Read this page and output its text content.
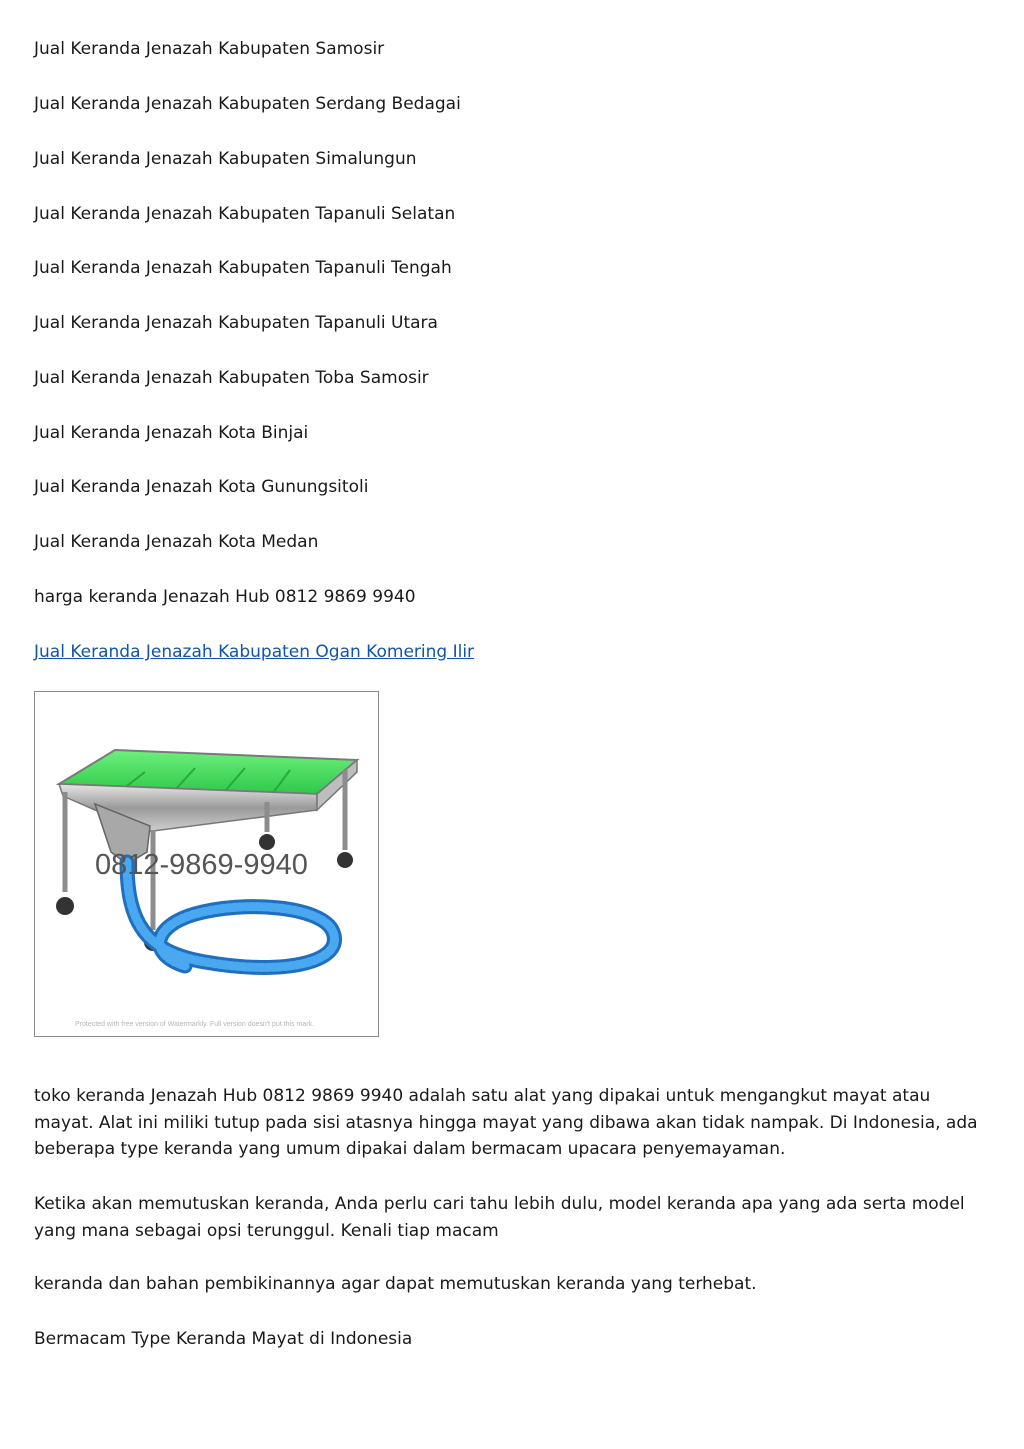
Jual Keranda Jenazah Kabupaten Samosir
Jual Keranda Jenazah Kabupaten Serdang Bedagai
Jual Keranda Jenazah Kabupaten Simalungun
Jual Keranda Jenazah Kabupaten Tapanuli Selatan
Jual Keranda Jenazah Kabupaten Tapanuli Tengah
Jual Keranda Jenazah Kabupaten Tapanuli Utara
Jual Keranda Jenazah Kabupaten Toba Samosir
Jual Keranda Jenazah Kota Binjai
Jual Keranda Jenazah Kota Gunungsitoli
Jual Keranda Jenazah Kota Medan
harga keranda Jenazah Hub 0812 9869 9940
Jual Keranda Jenazah Kabupaten Ogan Komering Ilir
0812-9869-9940
Protected with free version of Watermarkly. Full version doesn't put this mark.

toko keranda Jenazah Hub 0812 9869 9940 adalah satu alat yang dipakai untuk mengangkut mayat atau mayat. Alat ini miliki tutup pada sisi atasnya hingga mayat yang dibawa akan tidak nampak. Di Indonesia, ada beberapa type keranda yang umum dipakai dalam bermacam upacara penyemayaman.

Ketika akan memutuskan keranda, Anda perlu cari tahu lebih dulu, model keranda apa yang ada serta model yang mana sebagai opsi terunggul. Kenali tiap macam

keranda dan bahan pembikinannya agar dapat memutuskan keranda yang terhebat.

Bermacam Type Keranda Mayat di Indonesia
